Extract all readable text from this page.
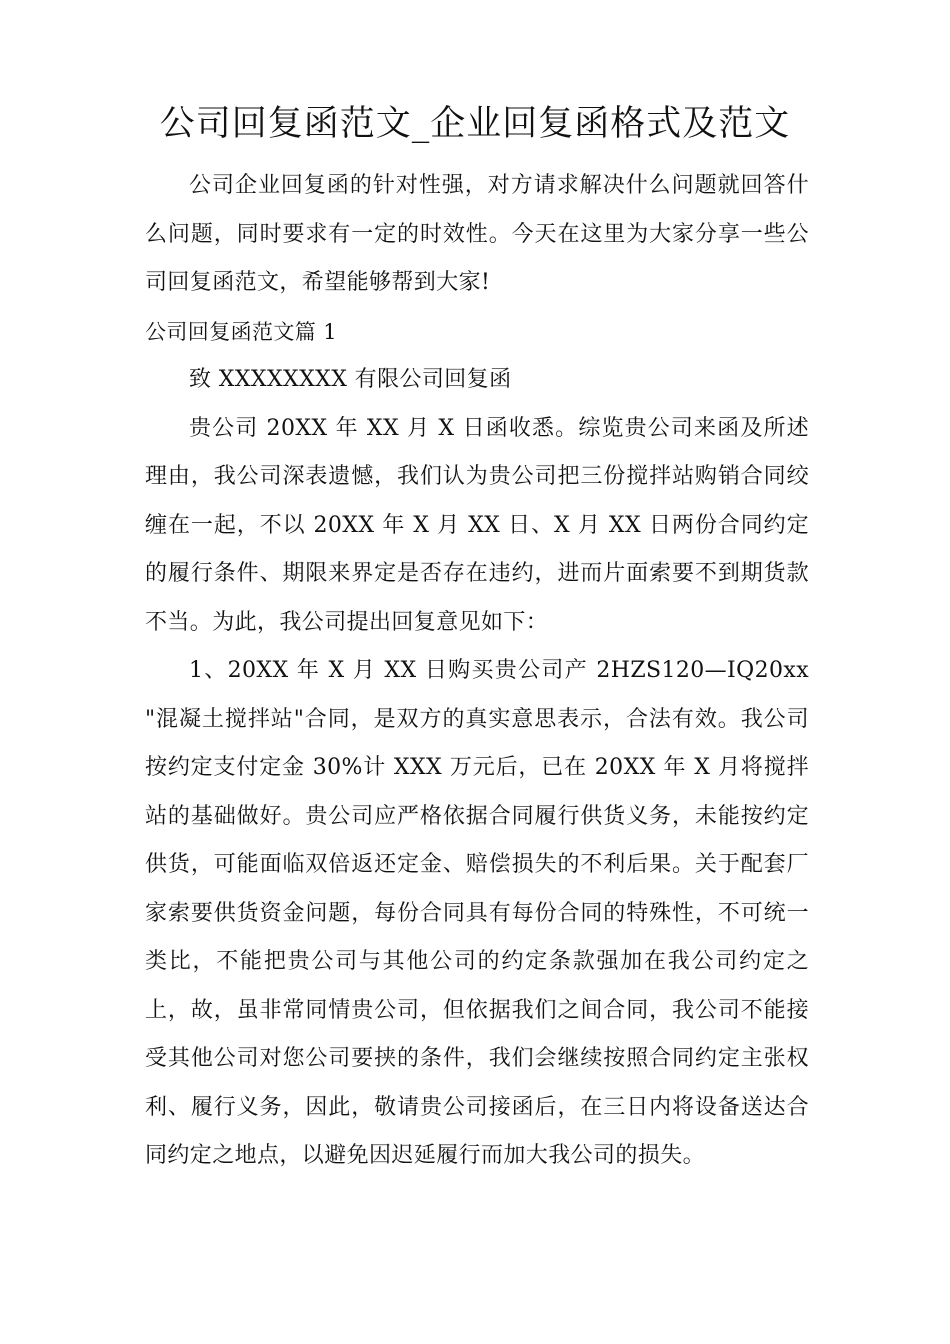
公司回复函范文_企业回复函格式及范文

公司企业回复函的针对性强，对方请求解决什么问题就回答什么问题，同时要求有一定的时效性。今天在这里为大家分享一些公司回复函范文，希望能够帮到大家!

公司回复函范文篇 1

致 XXXXXXXX 有限公司回复函

贵公司 20XX 年 XX 月 X 日函收悉。综览贵公司来函及所述理由，我公司深表遗憾，我们认为贵公司把三份搅拌站购销合同绞缠在一起，不以 20XX 年 X 月 XX 日、X 月 XX 日两份合同约定的履行条件、期限来界定是否存在违约，进而片面索要不到期货款不当。为此，我公司提出回复意见如下：

1、20XX 年 X 月 XX 日购买贵公司产 2HZS120—IQ20xx "混凝土搅拌站"合同，是双方的真实意思表示，合法有效。我公司按约定支付定金 30%计 XXX 万元后，已在 20XX 年 X 月将搅拌站的基础做好。贵公司应严格依据合同履行供货义务，未能按约定供货，可能面临双倍返还定金、赔偿损失的不利后果。关于配套厂家索要供货资金问题，每份合同具有每份合同的特殊性，不可统一类比，不能把贵公司与其他公司的约定条款强加在我公司约定之上，故，虽非常同情贵公司，但依据我们之间合同，我公司不能接受其他公司对您公司要挟的条件，我们会继续按照合同约定主张权利、履行义务，因此，敬请贵公司接函后，在三日内将设备送达合同约定之地点，以避免因迟延履行而加大我公司的损失。
